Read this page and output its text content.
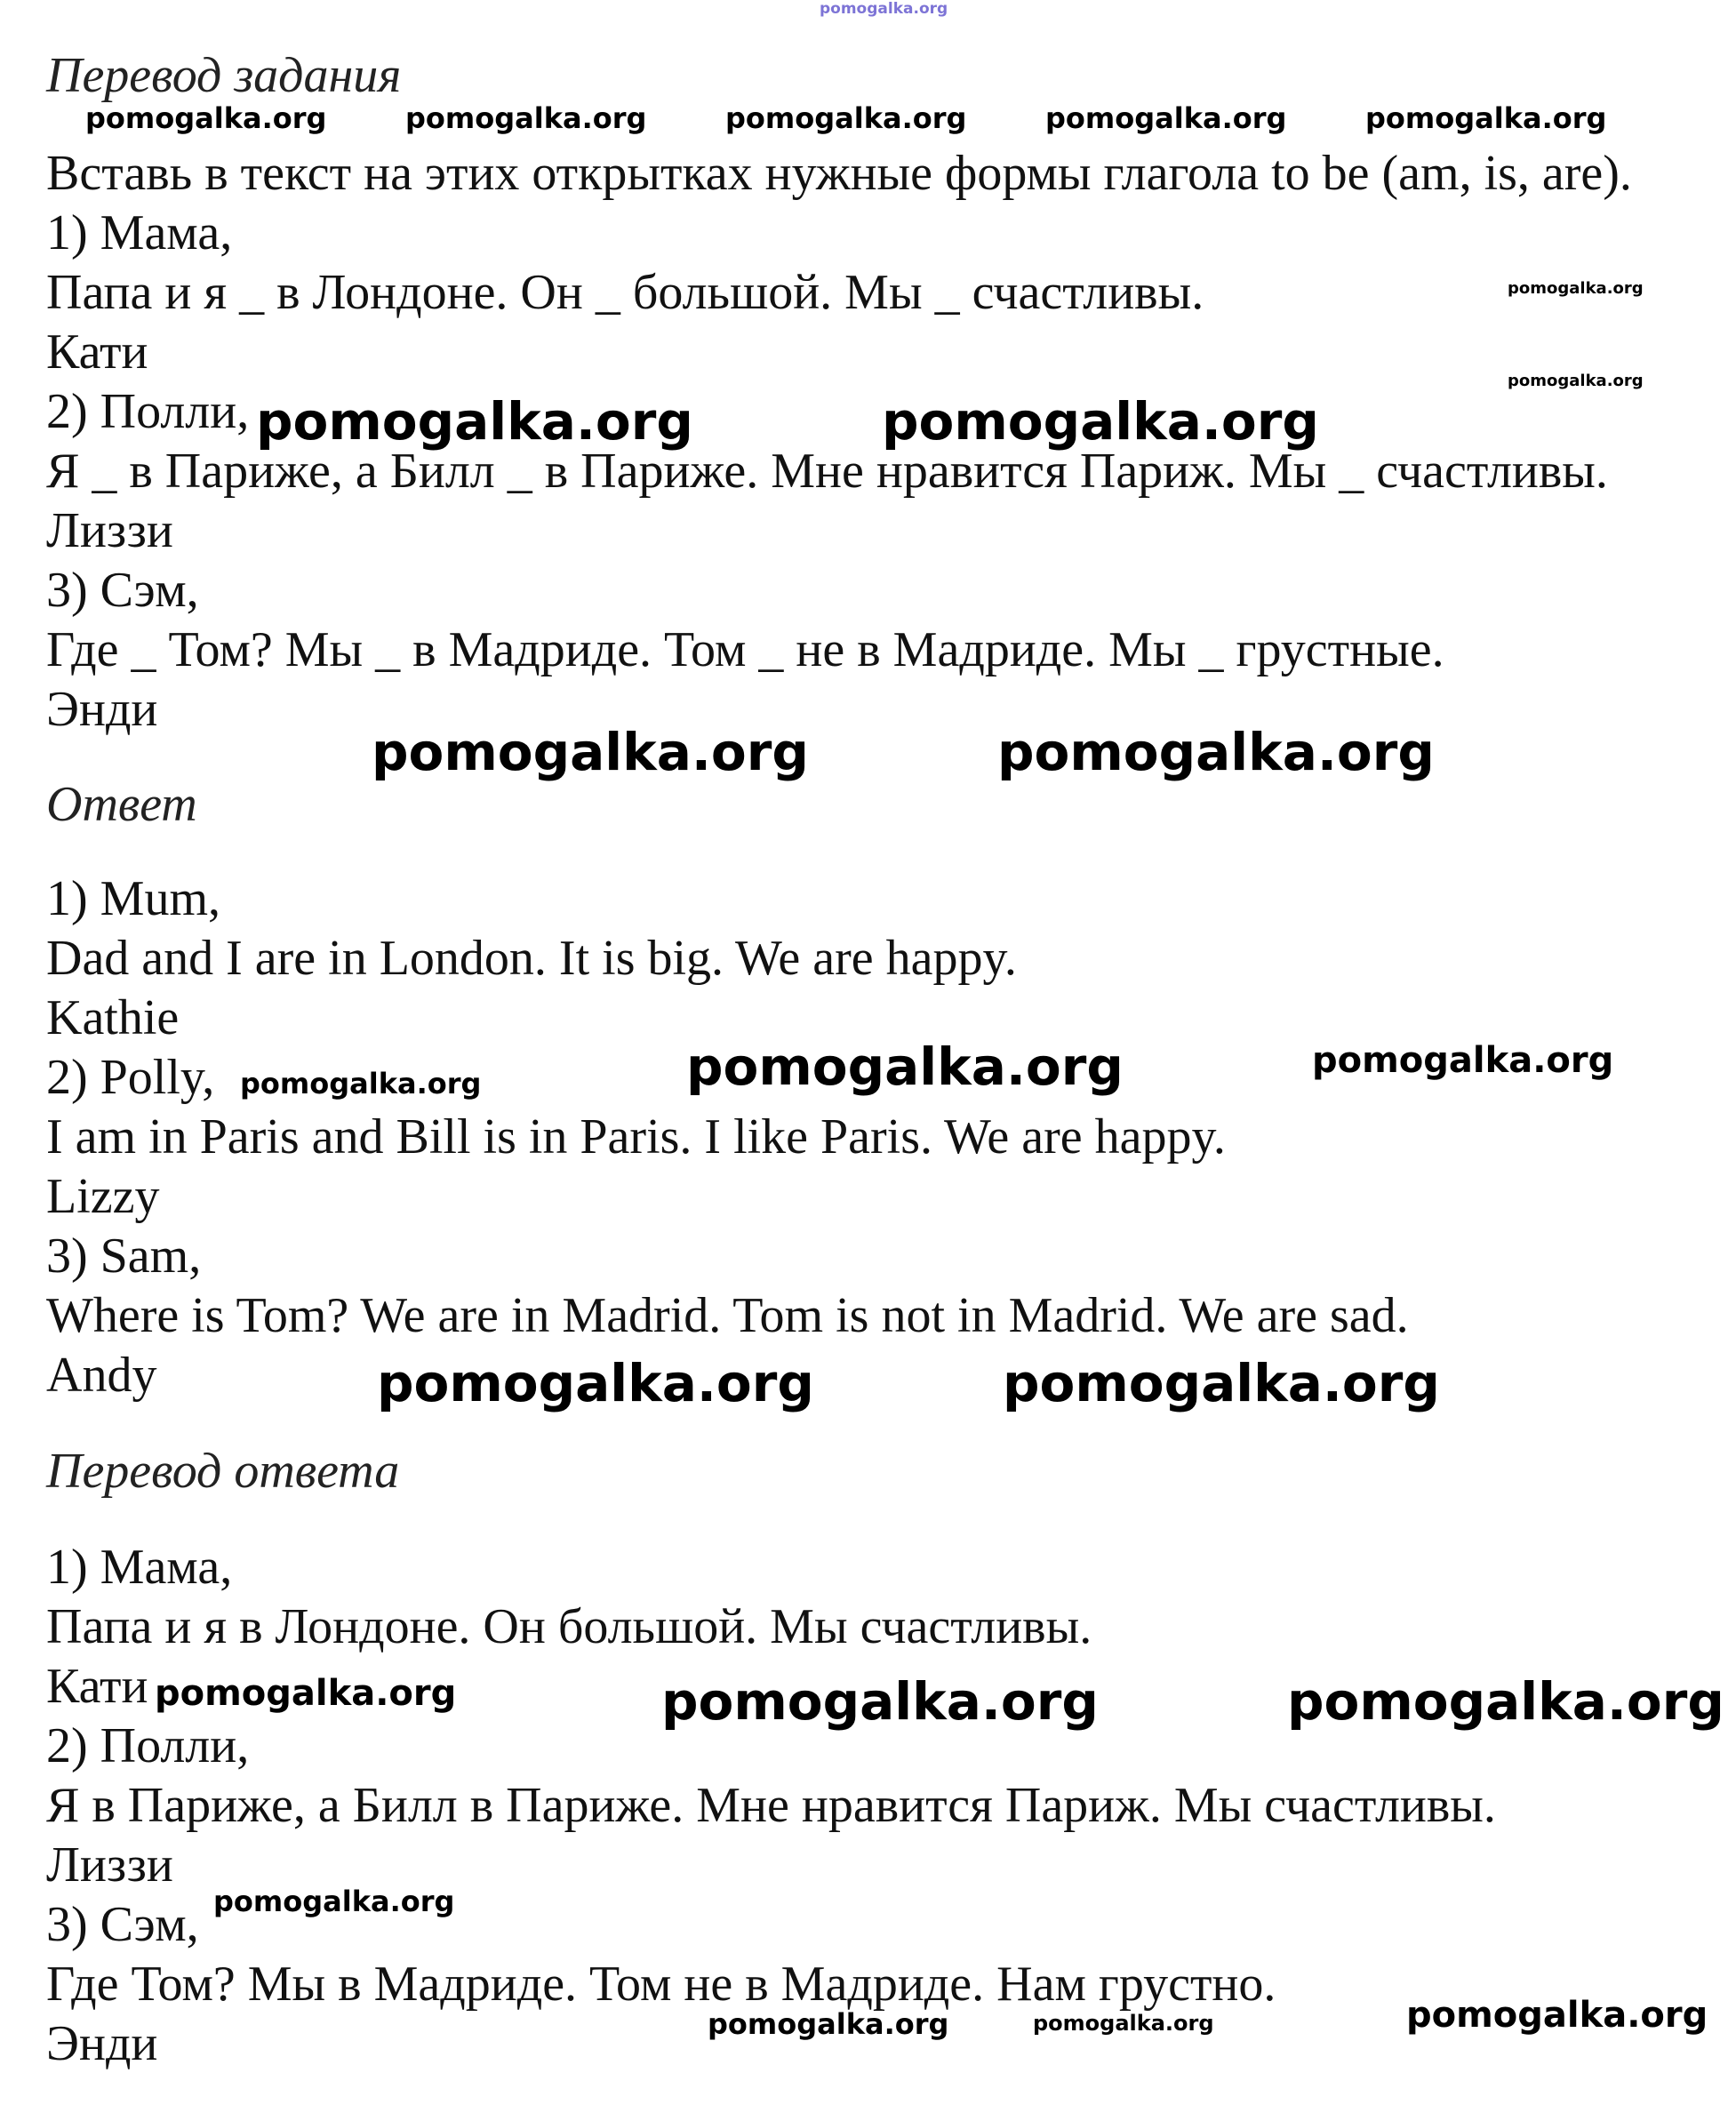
pomogalka.org
Перевод задания
pomogalka.org	pomogalka.org	pomogalka.org	pomogalka.org	pomogalka.org
Вставь в текст на этих открытках нужные формы глагола to be (am, is, are).
1) Мама,
Папа и я _ в Лондоне. Он _ большой. Мы _ счастливы.	pomogalka.org
Кати
pomogalka.org
2) Полли, pomogalka.org	pomogalka.org
Я _ в Париже, а Билл _ в Париже. Мне нравится Париж. Мы _ счастливы.
Лиззи
3) Сэм,
Где _ Том? Мы _ в Мадриде. Том _ не в Мадриде. Мы _ грустные.
Энди
pomogalka.org	pomogalka.org
Ответ
1) Mum,
Dad and I are in London. It is big. We are happy.
Kathie
2) Polly, pomogalka.org	pomogalka.org	pomogalka.org
I am in Paris and Bill is in Paris. I like Paris. We are happy.
Lizzy
3) Sam,
Where is Tom? We are in Madrid. Tom is not in Madrid. We are sad.
Andy	pomogalka.org	pomogalka.org
Перевод ответа
1) Мама,
Папа и я в Лондоне. Он большой. Мы счастливы.
Кати pomogalka.org	pomogalka.org	pomogalka.org
2) Полли,
Я в Париже, а Билл в Париже. Мне нравится Париж. Мы счастливы.
Лиззи
pomogalka.org
3) Сэм,
Где Том? Мы в Мадриде. Том не в Мадриде. Нам грустно.
pomogalka.org
pomogalka.org	pomogalka.org
Энди
